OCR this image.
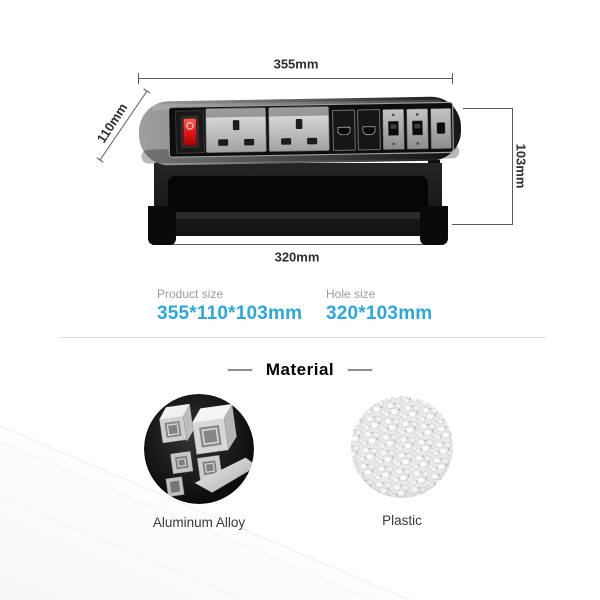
355mm
110mm
103mm
320mm
Product size
355*110*103mm
Hole size
320*103mm
Material
Aluminum Alloy	Plastic
